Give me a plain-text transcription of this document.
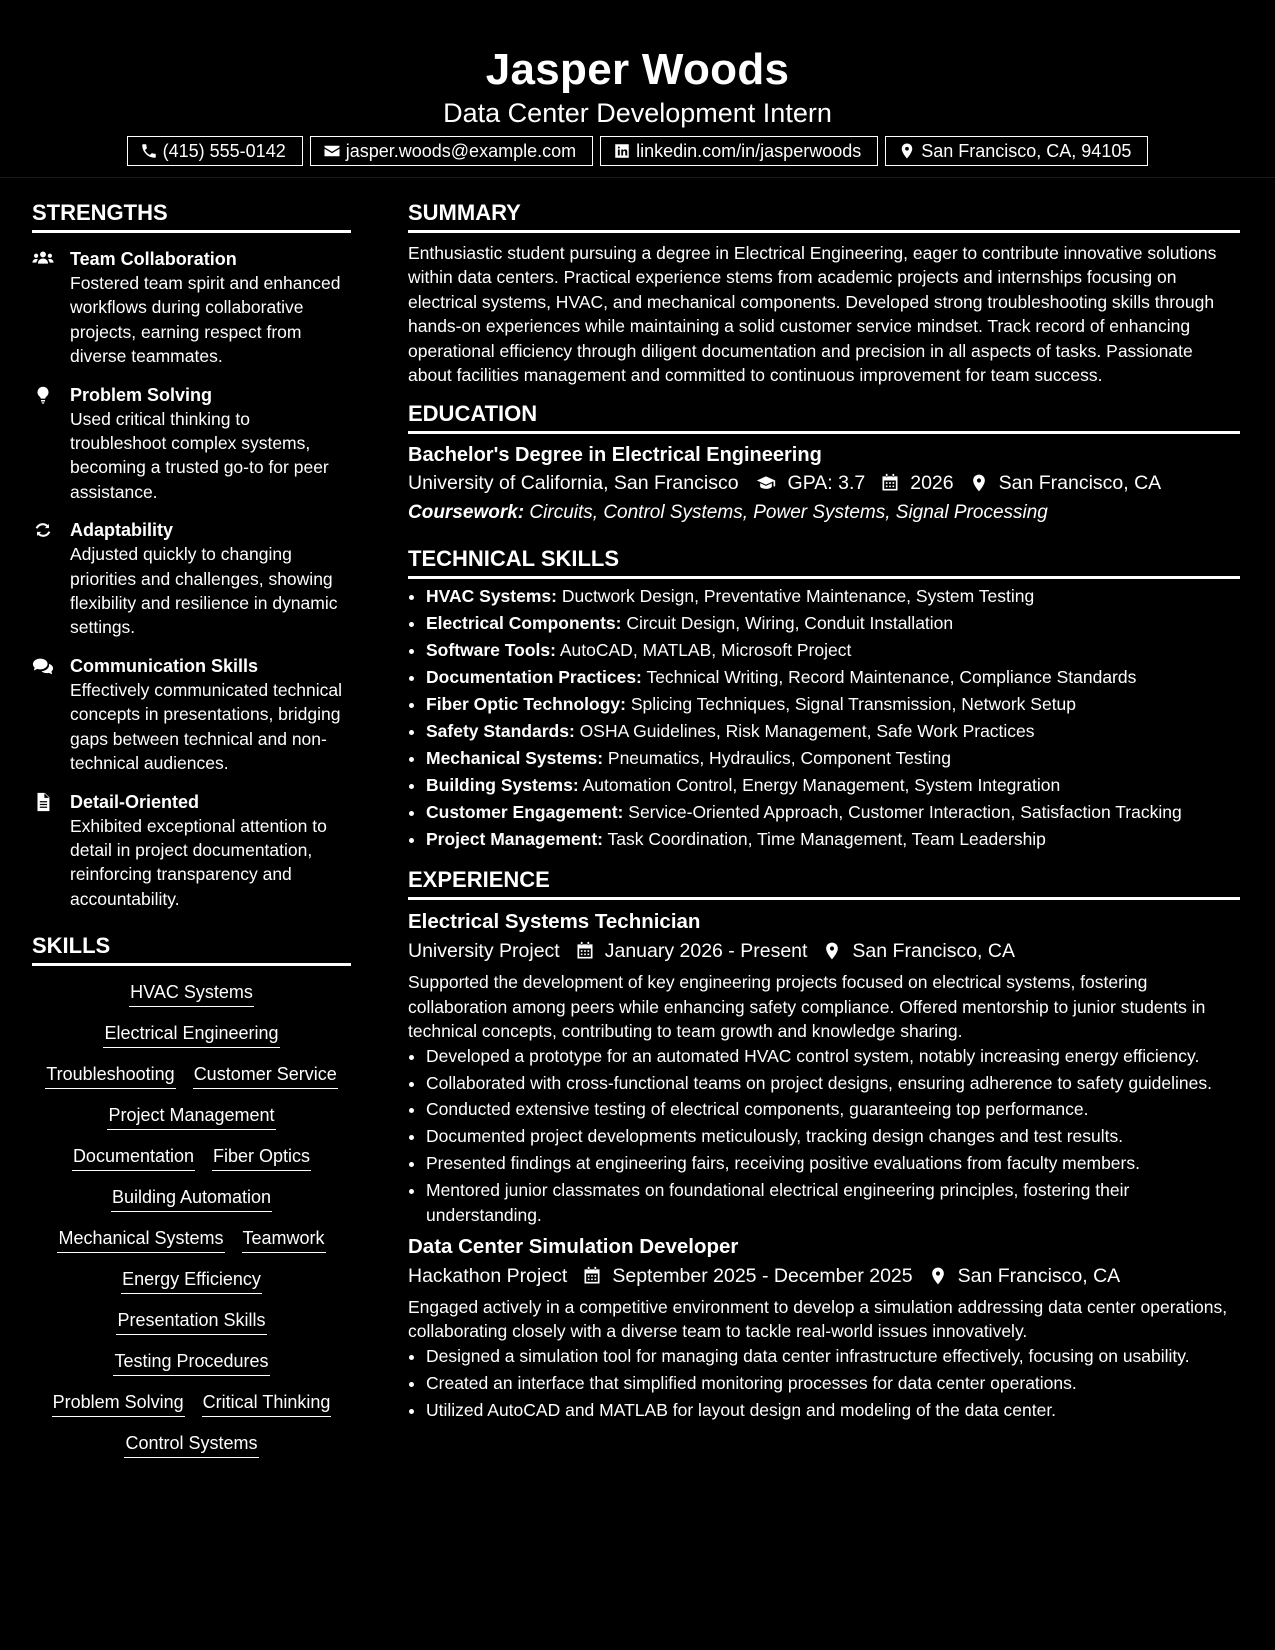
Jasper Woods
Data Center Development Intern
(415) 555-0142	jasper.woods@example.com	linkedin.com/in/jasperwoods	San Francisco, CA, 94105
STRENGTHS
Team Collaboration
Fostered team spirit and enhanced workflows during collaborative projects, earning respect from diverse teammates.
Problem Solving
Used critical thinking to troubleshoot complex systems, becoming a trusted go-to for peer assistance.
Adaptability
Adjusted quickly to changing priorities and challenges, showing flexibility and resilience in dynamic settings.
Communication Skills
Effectively communicated technical concepts in presentations, bridging gaps between technical and non-technical audiences.
Detail-Oriented
Exhibited exceptional attention to detail in project documentation, reinforcing transparency and accountability.
SKILLS
HVAC Systems
Electrical Engineering
Troubleshooting Customer Service
Project Management
Documentation Fiber Optics
Building Automation
Mechanical Systems Teamwork
Energy Efficiency
Presentation Skills
Testing Procedures
Problem Solving Critical Thinking
Control Systems
SUMMARY
Enthusiastic student pursuing a degree in Electrical Engineering, eager to contribute innovative solutions within data centers. Practical experience stems from academic projects and internships focusing on electrical systems, HVAC, and mechanical components. Developed strong troubleshooting skills through hands-on experiences while maintaining a solid customer service mindset. Track record of enhancing operational efficiency through diligent documentation and precision in all aspects of tasks. Passionate about facilities management and committed to continuous improvement for team success.
EDUCATION
Bachelor's Degree in Electrical Engineering
University of California, San Francisco	GPA: 3.7 2026 San Francisco, CA
Coursework: Circuits, Control Systems, Power Systems, Signal Processing
TECHNICAL SKILLS
• HVAC Systems: Ductwork Design, Preventative Maintenance, System Testing
• Electrical Components: Circuit Design, Wiring, Conduit Installation
• Software Tools: AutoCAD, MATLAB, Microsoft Project
• Documentation Practices: Technical Writing, Record Maintenance, Compliance Standards
• Fiber Optic Technology: Splicing Techniques, Signal Transmission, Network Setup
• Safety Standards: OSHA Guidelines, Risk Management, Safe Work Practices
• Mechanical Systems: Pneumatics, Hydraulics, Component Testing
• Building Systems: Automation Control, Energy Management, System Integration
• Customer Engagement: Service-Oriented Approach, Customer Interaction, Satisfaction Tracking
• Project Management: Task Coordination, Time Management, Team Leadership
EXPERIENCE
Electrical Systems Technician
University Project January 2026 - Present San Francisco, CA
Supported the development of key engineering projects focused on electrical systems, fostering collaboration among peers while enhancing safety compliance. Offered mentorship to junior students in technical concepts, contributing to team growth and knowledge sharing.
• Developed a prototype for an automated HVAC control system, notably increasing energy efficiency.
• Collaborated with cross-functional teams on project designs, ensuring adherence to safety guidelines.
• Conducted extensive testing of electrical components, guaranteeing top performance.
• Documented project developments meticulously, tracking design changes and test results.
• Presented findings at engineering fairs, receiving positive evaluations from faculty members.
• Mentored junior classmates on foundational electrical engineering principles, fostering their understanding.
Data Center Simulation Developer
Hackathon Project September 2025 - December 2025 San Francisco, CA
Engaged actively in a competitive environment to develop a simulation addressing data center operations, collaborating closely with a diverse team to tackle real-world issues innovatively.
• Designed a simulation tool for managing data center infrastructure effectively, focusing on usability.
• Created an interface that simplified monitoring processes for data center operations.
• Utilized AutoCAD and MATLAB for layout design and modeling of the data center.
